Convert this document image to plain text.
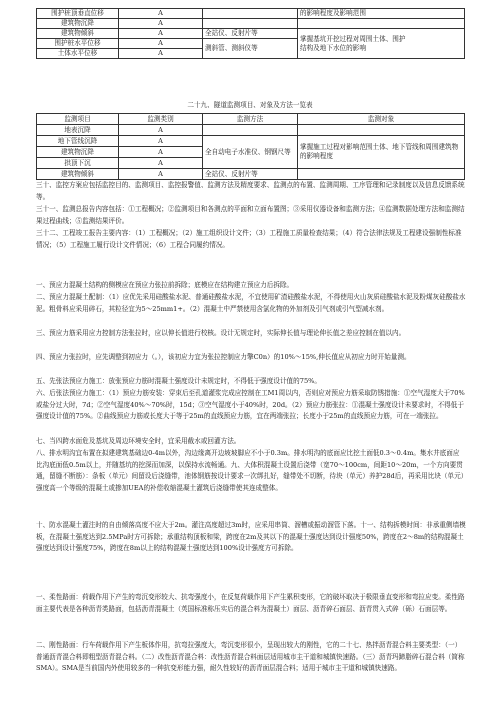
围护桩顶垂直位移	A		的影响程度及影响范围
建筑物沉降	A		
建筑物倾斜	A	全站仪、反射片等	掌握基坑开挖过程对周围土体、围护
结构及地下水位的影响
围护桩水平位移	A	测斜管、测斜仪等	
土体水平位移	A		
二十九、隧道监测项目、对象及方法一览表
监测项目	监测类别	监测方法	监测对象
地表沉降	A		
地下管线沉降	A	全自动电子水准仪、钢钢尺等	掌握施工过程对影响范围土体、地下管线和周围建筑物的影响程度
建筑物沉降	A		
拱顶下沉	A		
建筑物倾斜	A	全站仪、反射片等	
三十、监控方案应包括监控目的、监测项目、监控报警值、监测方法及精度要求、监测点的布置、监测周期、工序管理和记录制度以及信息反馈系统等。
三十一、监测总报告内容包括：①工程概况；②监测项目和各测点的平面和立面布置图；③采用仪器设备和监测方法；④监测数据处理方法和监测结果过程曲线；⑤监测结果评价。
三十二、工程竣工报告主要内容：（1）工程概况；（2）施工组织设计文件；（3）工程施工质量检查结果；（4）符合法律法规及工程建设强制性标准情况；（5）工程施工履行设计文件情况；（6）工程合同履约情况。
一、预应力混凝土结构的侧模应在预应力张拉前拆除；底模应在结构建立预应力后拆除。
二、预应力混凝土配制：（1）应优先采用硅酸盐水泥、普通硅酸盐水泥，不宜使用矿渣硅酸盐水泥，不得使用火山灰质硅酸盐水泥及粉煤灰硅酸盐水泥。粗骨料应采用碎石，其粒径宜为5～25mm1+。（2）混凝土中严禁使用含氯化物的外加剂及引气剂或引气型减水剂。
三、预应力筋采用应力控制方法张拉时，应以伸长值进行校核。设计无规定时，实际伸长值与理论伸长值之差应控制在值以内。
四、预应力张拉时，应先调整到初应力（。），该初应力宜为张拉控制应力擎C0n）的10%～15%,伸长值应从初应力时开始量测。
五、先张法预应力施工：放张预应力筋时混凝土强度设计未规定时，不得低于强度设计值的75%。
六、后张法预应力施工：（1）预应力筋安装：穿束后至孔道灌浆完成应控制在工M1周以内，否则应对预应力筋采取防锈措施：①空气湿度大于70%或盐分过大时，7d；②空气湿度40%～70%时，15d；③空气湿度小于40%时，20d。（2）预应力筋张拉：①混凝土强度设计未要求时，不得低于强度设计值的75%。②曲线预应力筋或长度大于等于25m的直线预应力筋，宜在两端张拉；长度小于25m的直线预应力筋，可在一端张拉。
七、当四跨水面危及基坑及周边环境安全时，宜采用截水或回灌方法。
八、排水明沟宜布置在拟建建筑基础边0-4m以外，沟边缘离开边坡坡脚应不小于0.3m。排水明沟的底面应比挖土面低0.3～0.4m。集水井底面应比沟底面低0.5m以上，并随基坑的挖深而加深，以保持水流畅通。九、大体积混凝土设置后浇带（宽70～100cm，间距10～20m，一个方向要贯通，留缝不断筋）：条板（单元）间留设后浇缝带，池体钢筋按设计要求一次绑扎好，缝带处不切断，待块（单元）养护28d后，再采用比块（单元）强度高一个等级的混凝土或掺加UEA的补偿收缩混凝土灌筑后浇缝带使其连成整体。
十、防水混凝土灌注时的自由倾落高度不应大于2m。灌注高度超过3m时，应采用串筒、溜槽或振动溜管下落。十一、结构拆模时间：非承重侧墙模板，在混凝土强度达到2.5MPa时方可拆除；承重结构顶板和梁，跨度在2m及其以下的混凝土强度达到设计强度50%，跨度在2～8m的结构混凝土强度达到设计强度75%，跨度在8m以上的结构混凝土强度达到100%设计强度方可拆除。
一、柔性路面：荷载作用下产生的弯沉变形较大、抗弯强度小，在反复荷载作用下产生累积变形，它的破坏取决于极限垂直变形和弯拉应变。柔性路面主要代表是各种沥青类路面，包括沥青混凝土（英国标准称压实后的混合料为混凝土）面层、沥青碎石面层、沥青贯入式碎（砾）石面层等。
二、刚性路面：行车荷载作用下产生板体作用，抗弯拉强度大，弯沉变形很小，呈现出较大的刚性，它的二十七、热拌沥青混合料主要类型：（一）普通沥青混合料即粗型沥青混合料。（二）改性沥青混合料：改性沥青混合料面层适用城市主干道和城镇快速路。（三）沥青玛蹄脂碎石混合料（简称SMA）。SMA是当前国内外使用较多的一种抗变形能力强，耐久性较好的沥青面层混合料；适用于城市主干道和城镇快速路。
